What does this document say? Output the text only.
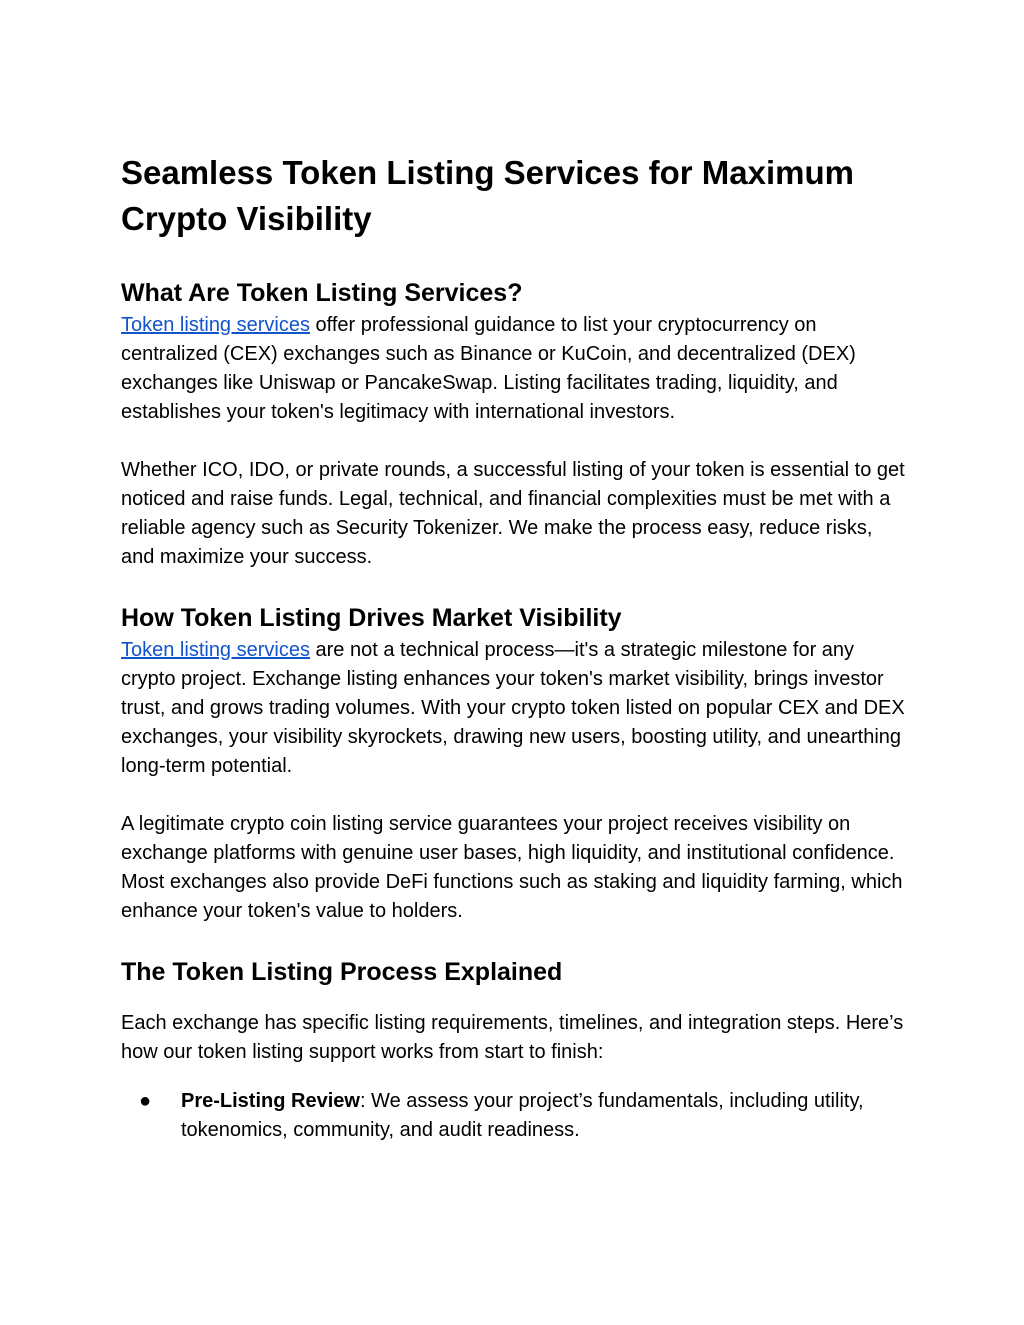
Seamless Token Listing Services for Maximum Crypto Visibility
What Are Token Listing Services?

Token listing services offer professional guidance to list your cryptocurrency on centralized (CEX) exchanges such as Binance or KuCoin, and decentralized (DEX) exchanges like Uniswap or PancakeSwap. Listing facilitates trading, liquidity, and establishes your token's legitimacy with international investors.

Whether ICO, IDO, or private rounds, a successful listing of your token is essential to get noticed and raise funds. Legal, technical, and financial complexities must be met with a reliable agency such as Security Tokenizer. We make the process easy, reduce risks, and maximize your success.

How Token Listing Drives Market Visibility

Token listing services are not a technical process—it's a strategic milestone for any crypto project. Exchange listing enhances your token's market visibility, brings investor trust, and grows trading volumes. With your crypto token listed on popular CEX and DEX exchanges, your visibility skyrockets, drawing new users, boosting utility, and unearthing long-term potential.

A legitimate crypto coin listing service guarantees your project receives visibility on exchange platforms with genuine user bases, high liquidity, and institutional confidence. Most exchanges also provide DeFi functions such as staking and liquidity farming, which enhance your token's value to holders.

The Token Listing Process Explained

Each exchange has specific listing requirements, timelines, and integration steps. Here’s how our token listing support works from start to finish:

● Pre-Listing Review: We assess your project’s fundamentals, including utility, tokenomics, community, and audit readiness.
